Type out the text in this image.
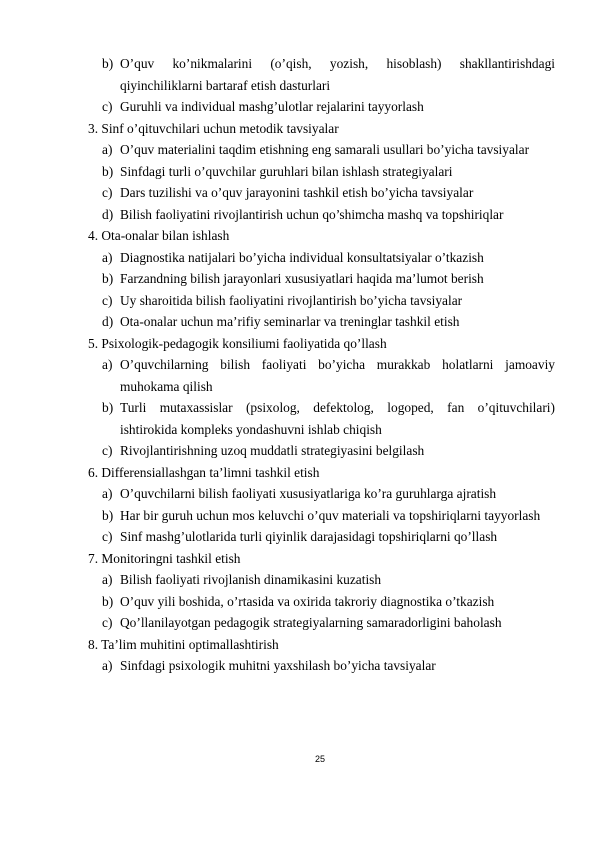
b) O’quv ko’nikmalarini (o’qish, yozish, hisoblash) shakllantirishdagi qiyinchiliklarni bartaraf etish dasturlari
c) Guruhli va individual mashg’ulotlar rejalarini tayyorlash
3. Sinf o’qituvchilari uchun metodik tavsiyalar
a) O’quv materialini taqdim etishning eng samarali usullari bo’yicha tavsiyalar
b) Sinfdagi turli o’quvchilar guruhlari bilan ishlash strategiyalari
c) Dars tuzilishi va o’quv jarayonini tashkil etish bo’yicha tavsiyalar
d) Bilish faoliyatini rivojlantirish uchun qo’shimcha mashq va topshiriqlar
4. Ota-onalar bilan ishlash
a) Diagnostika natijalari bo’yicha individual konsultatsiyalar o’tkazish
b) Farzandning bilish jarayonlari xususiyatlari haqida ma’lumot berish
c) Uy sharoitida bilish faoliyatini rivojlantirish bo’yicha tavsiyalar
d) Ota-onalar uchun ma’rifiy seminarlar va treninglar tashkil etish
5. Psixologik-pedagogik konsiliumi faoliyatida qo’llash
a) O’quvchilarning bilish faoliyati bo’yicha murakkab holatlarni jamoaviy muhokama qilish
b) Turli mutaxassislar (psixolog, defektolog, logoped, fan o’qituvchilari) ishtirokida kompleks yondashuvni ishlab chiqish
c) Rivojlantirishning uzoq muddatli strategiyasini belgilash
6. Differensiallashgan ta’limni tashkil etish
a) O’quvchilarni bilish faoliyati xususiyatlariga ko’ra guruhlarga ajratish
b) Har bir guruh uchun mos keluvchi o’quv materiali va topshiriqlarni tayyorlash
c) Sinf mashg’ulotlarida turli qiyinlik darajasidagi topshiriqlarni qo’llash
7. Monitoringni tashkil etish
a) Bilish faoliyati rivojlanish dinamikasini kuzatish
b) O’quv yili boshida, o’rtasida va oxirida takroriy diagnostika o’tkazish
c) Qo’llanilayotgan pedagogik strategiyalarning samaradorligini baholash
8. Ta’lim muhitini optimallashtirish
a) Sinfdagi psixologik muhitni yaxshilash bo’yicha tavsiyalar
25
